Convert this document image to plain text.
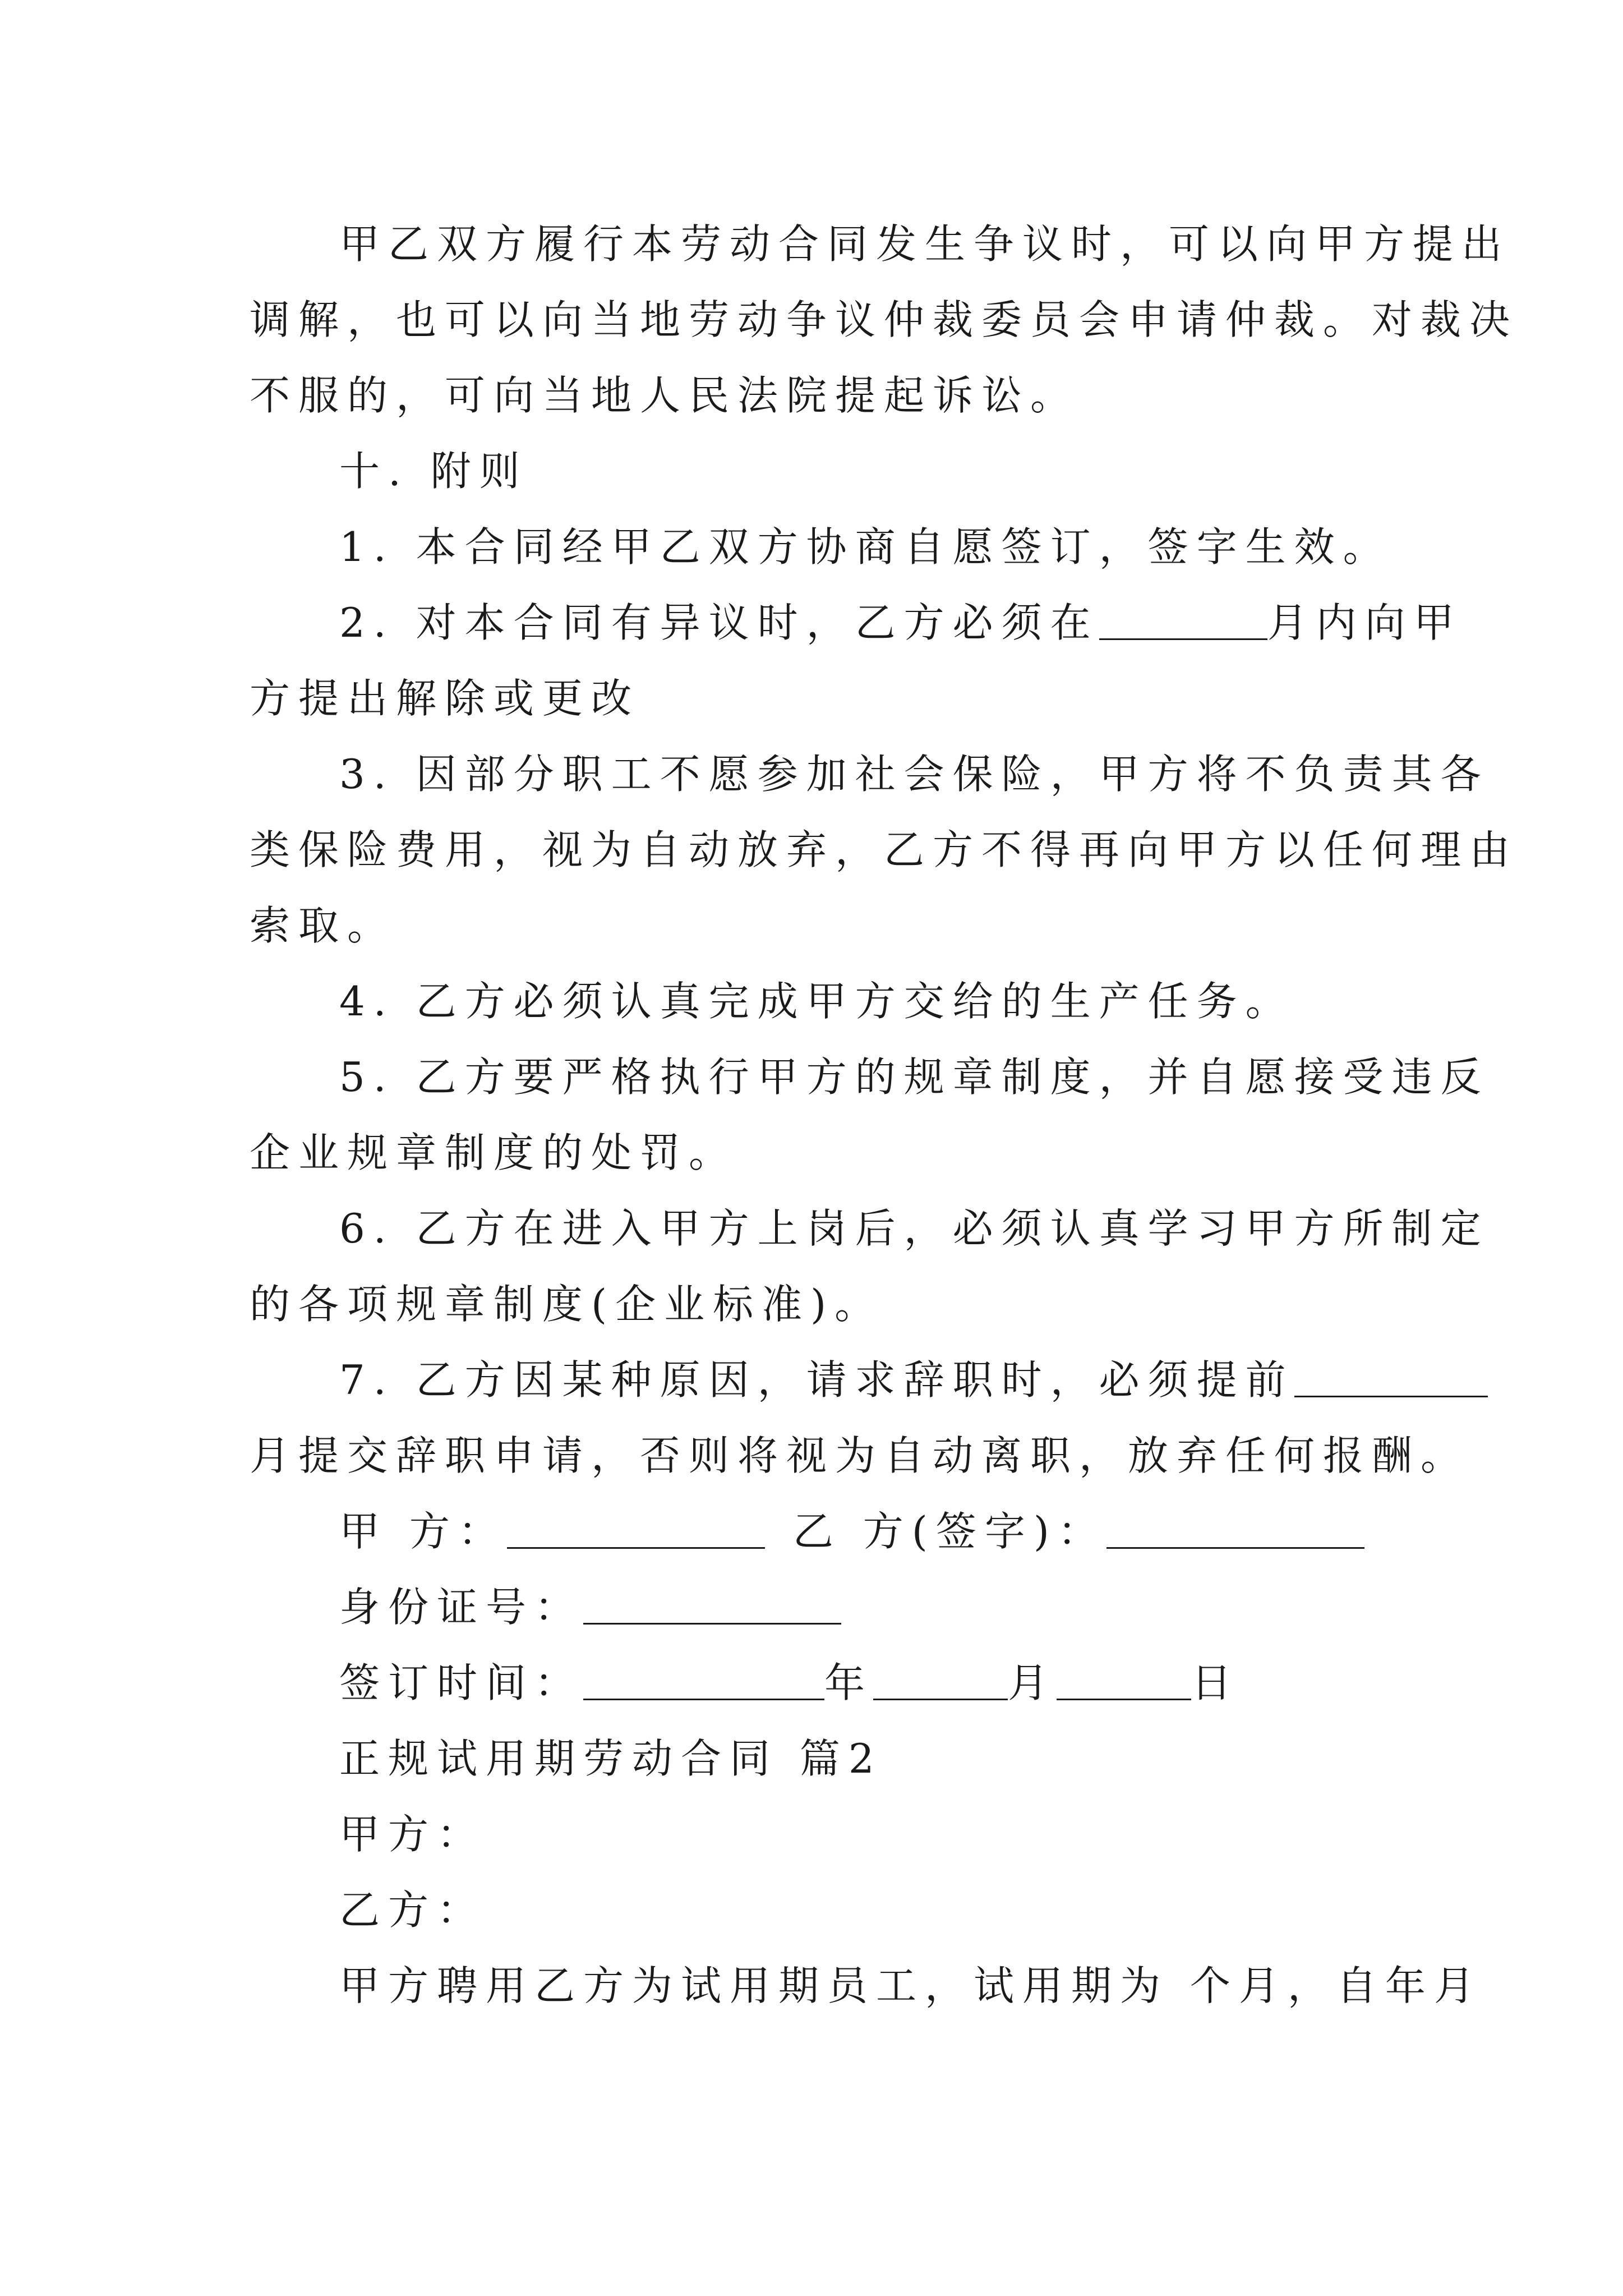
甲乙双方履行本劳动合同发生争议时，可以向甲方提出
调解，也可以向当地劳动争议仲裁委员会申请仲裁。对裁决
不服的，可向当地人民法院提起诉讼。
十. 附则
1. 本合同经甲乙双方协商自愿签订，签字生效。
2. 对本合同有异议时，乙方必须在	月内向甲
方提出解除或更改
3. 因部分职工不愿参加社会保险，甲方将不负责其各
类保险费用，视为自动放弃，乙方不得再向甲方以任何理由
索取。
4. 乙方必须认真完成甲方交给的生产任务。
5. 乙方要严格执行甲方的规章制度，并自愿接受违反
企业规章制度的处罚。
6. 乙方在进入甲方上岗后，必须认真学习甲方所制定
的各项规章制度(企业标准)。
7. 乙方因某种原因，请求辞职时，必须提前
月提交辞职申请，否则将视为自动离职，放弃任何报酬。
甲 方：	乙 方(签字)：
身份证号：
签订时间：	年	月	日
正规试用期劳动合同 篇2
甲方：
乙方：
甲方聘用乙方为试用期员工，试用期为 个月，自年月
